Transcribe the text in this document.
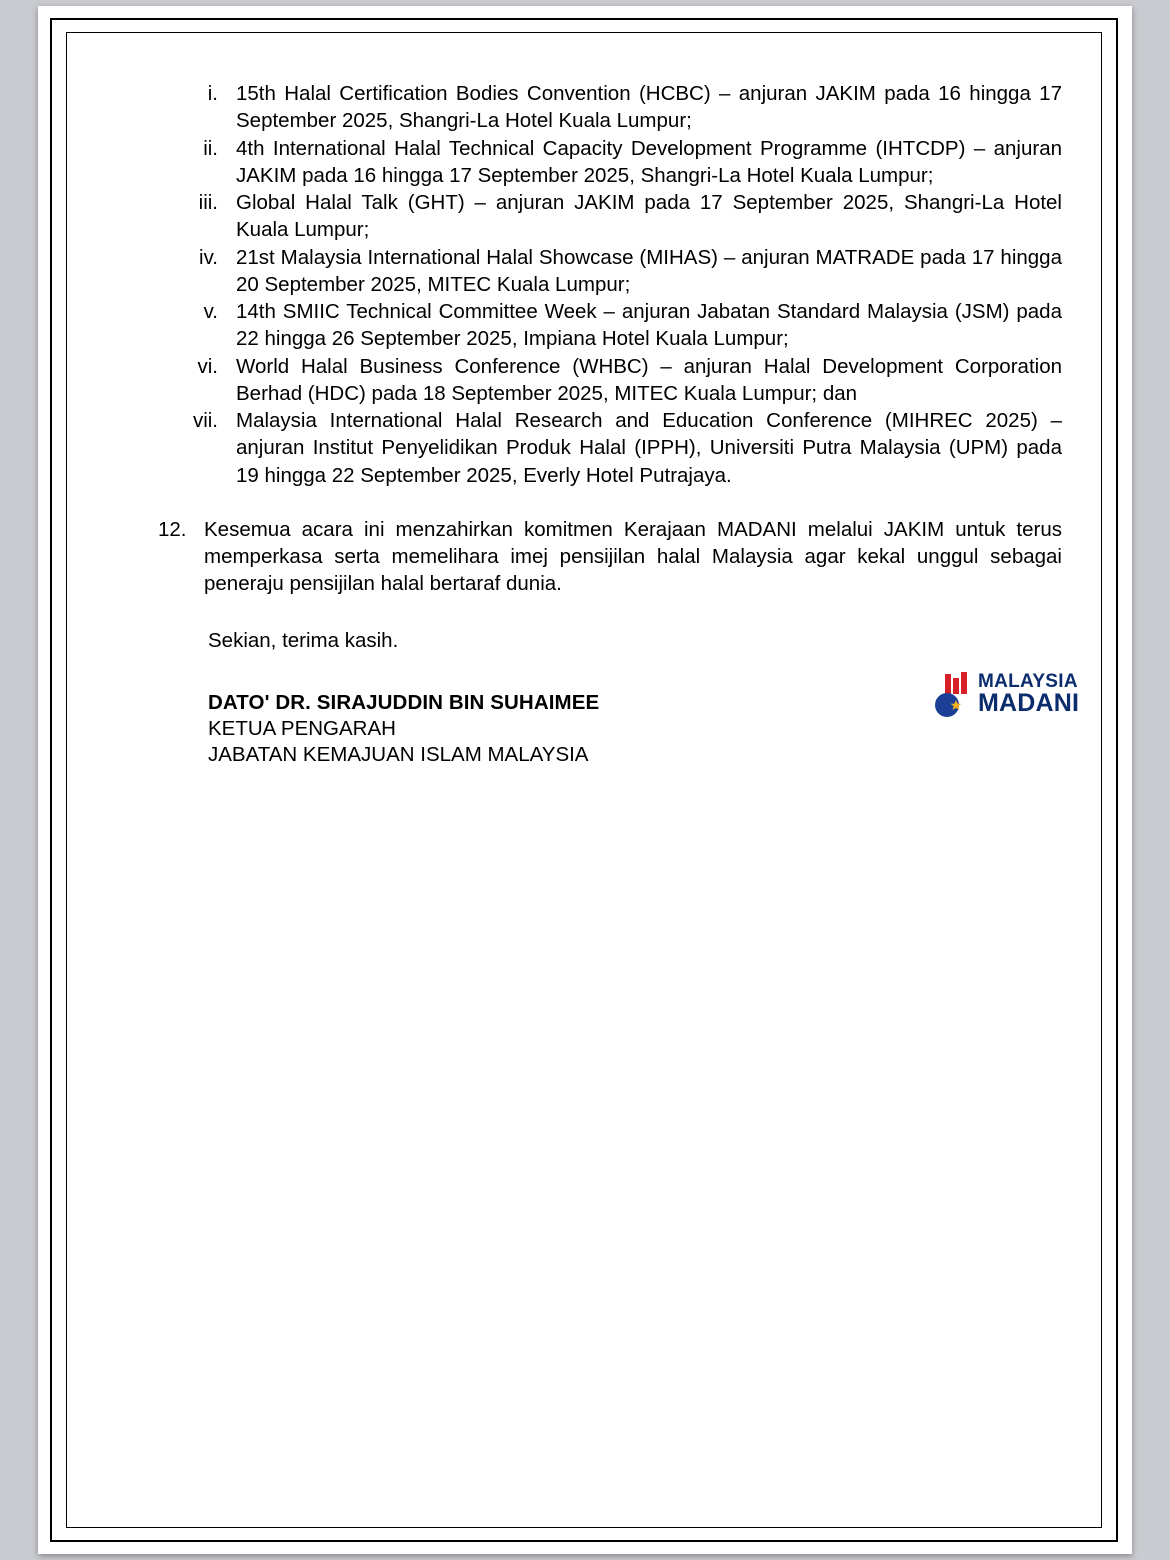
i. 15th Halal Certification Bodies Convention (HCBC) – anjuran JAKIM pada 16 hingga 17 September 2025, Shangri-La Hotel Kuala Lumpur;
ii. 4th International Halal Technical Capacity Development Programme (IHTCDP) – anjuran JAKIM pada 16 hingga 17 September 2025, Shangri-La Hotel Kuala Lumpur;
iii. Global Halal Talk (GHT) – anjuran JAKIM pada 17 September 2025, Shangri-La Hotel Kuala Lumpur;
iv. 21st Malaysia International Halal Showcase (MIHAS) – anjuran MATRADE pada 17 hingga 20 September 2025, MITEC Kuala Lumpur;
v. 14th SMIIC Technical Committee Week – anjuran Jabatan Standard Malaysia (JSM) pada 22 hingga 26 September 2025, Impiana Hotel Kuala Lumpur;
vi. World Halal Business Conference (WHBC) – anjuran Halal Development Corporation Berhad (HDC) pada 18 September 2025, MITEC Kuala Lumpur; dan
vii. Malaysia International Halal Research and Education Conference (MIHREC 2025) – anjuran Institut Penyelidikan Produk Halal (IPPH), Universiti Putra Malaysia (UPM) pada 19 hingga 22 September 2025, Everly Hotel Putrajaya.
12. Kesemua acara ini menzahirkan komitmen Kerajaan MADANI melalui JAKIM untuk terus memperkasa serta memelihara imej pensijilan halal Malaysia agar kekal unggul sebagai peneraju pensijilan halal bertaraf dunia.
Sekian, terima kasih.
DATO' DR. SIRAJUDDIN BIN SUHAIMEE
KETUA PENGARAH
JABATAN KEMAJUAN ISLAM MALAYSIA
MALAYSIA
MADANI
